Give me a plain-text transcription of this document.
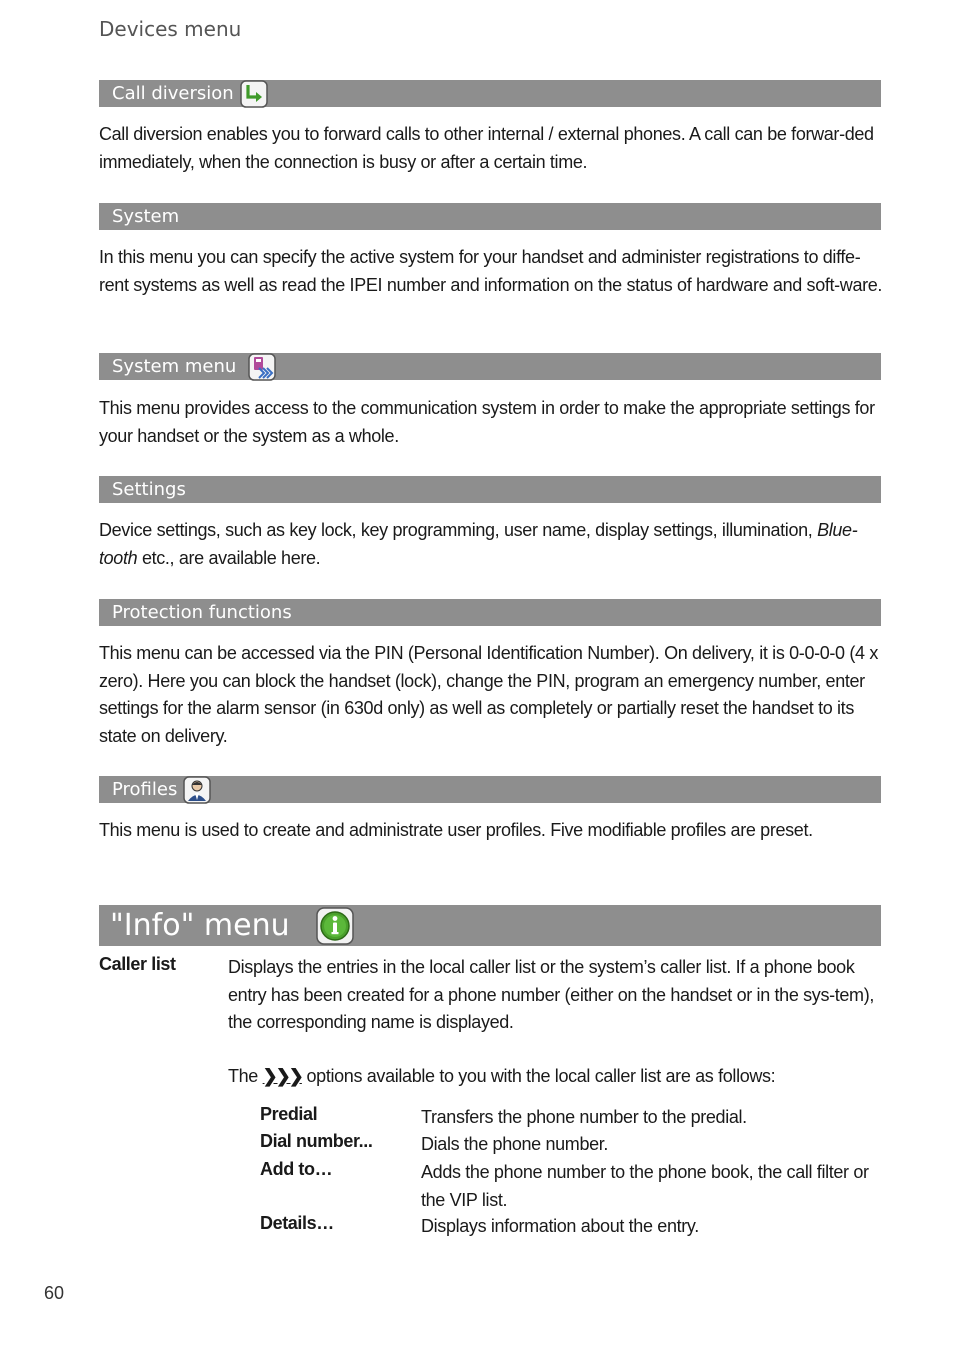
Devices menu
Call diversion
Call diversion enables you to forward calls to other internal / external phones. A call can be forwar-ded immediately, when the connection is busy or after a certain time.
System
In this menu you can specify the active system for your handset and administer registrations to diffe-rent systems as well as read the IPEI number and information on the status of hardware and soft-ware.
System menu
This menu provides access to the communication system in order to make the appropriate settings for your handset or the system as a whole.
Settings
Device settings, such as key lock, key programming, user name, display settings, illumination, Blue-tooth etc., are available here.
Protection functions
This menu can be accessed via the PIN (Personal Identification Number). On delivery, it is 0-0-0-0 (4 x zero). Here you can block the handset (lock), change the PIN, program an emergency number, enter settings for the alarm sensor (in 630d only) as well as completely or partially reset the handset to its state on delivery.
Profiles
This menu is used to create and administrate user profiles. Five modifiable profiles are preset.
"Info" menu
Caller list	Displays the entries in the local caller list or the system’s caller list. If a phone book entry has been created for a phone number (either on the handset or in the sys-tem), the corresponding name is displayed.
The ❯❯❯ options available to you with the local caller list are as follows:
Predial	Transfers the phone number to the predial.
Dial number...	Dials the phone number.
Add to…	Adds the phone number to the phone book, the call filter or the VIP list.
Details…	Displays information about the entry.
60
